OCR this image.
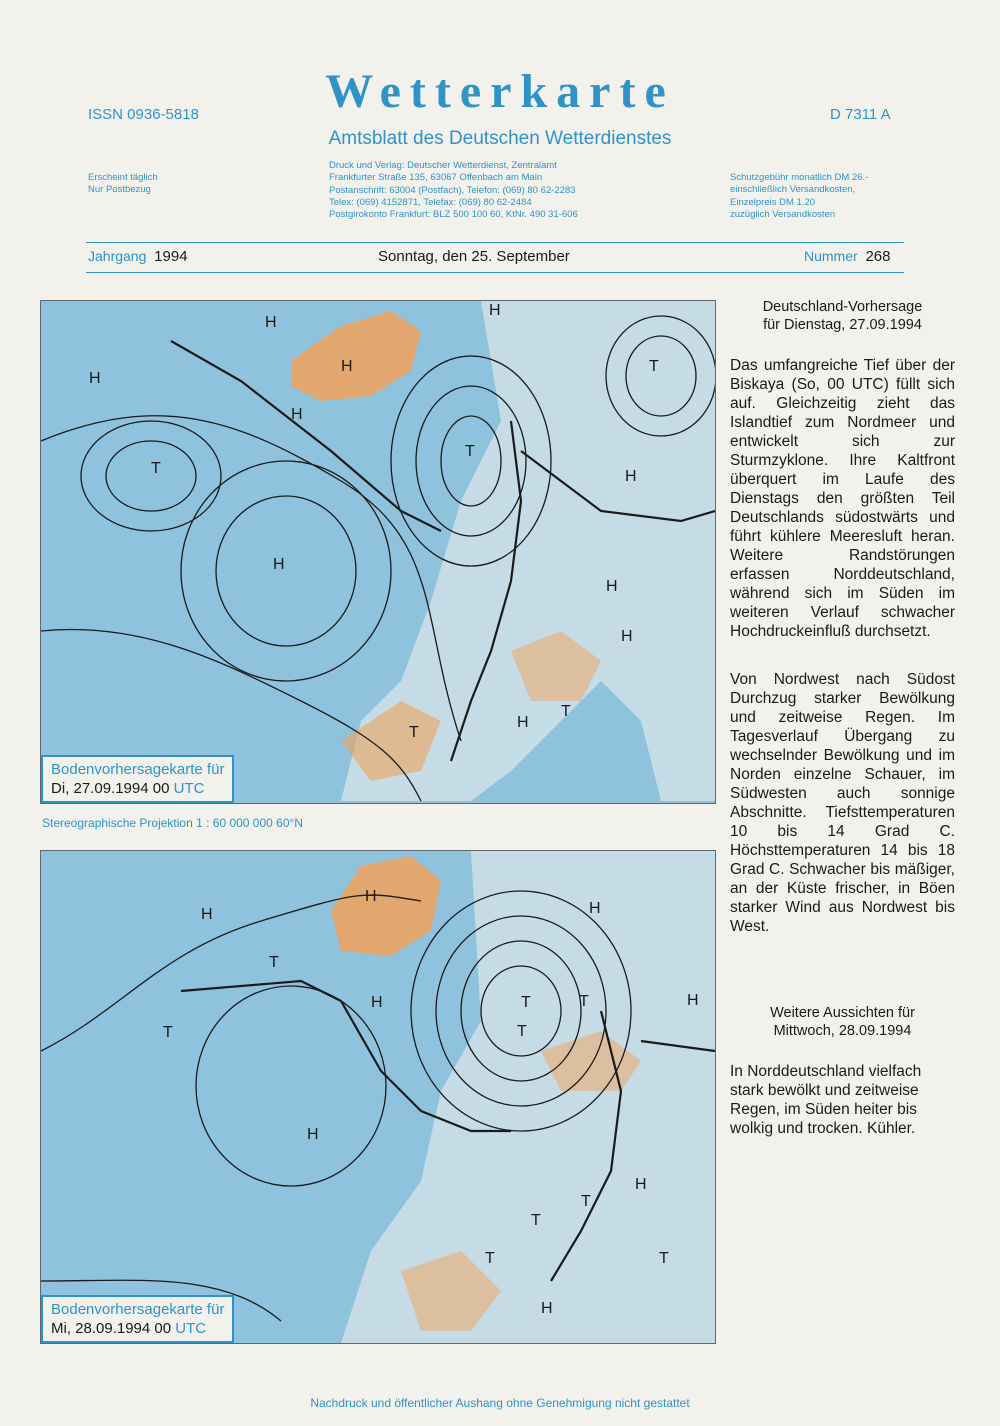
ISSN 0936-5818	D 7311 A
Wetterkarte
Amtsblatt des Deutschen Wetterdienstes
Erscheint täglich
Nur Postbezug
Druck und Verlag: Deutscher Wetterdienst, Zentralamt
Frankfurter Straße 135, 63067 Offenbach am Main
Postanschrift: 63004 (Postfach), Telefon: (069) 80 62-2283
Telex: (069) 4152871, Telefax: (069) 80 62-2484
Postgirokonto Frankfurt: BLZ 500 100 60, KtNr. 490 31-606
Schutzgebühr monatlich DM 26.-
einschließlich Versandkosten,
Einzelpreis DM 1.20
zuzüglich Versandkosten
Jahrgang 1994	Sonntag, den 25. September	Nummer 268
H
T
H
H
H
H
T
H
T
H
H
H
H
T
T
Bodenvorhersagekarte für
Di, 27.09.1994 00 UTC
Stereographische Projektion 1 : 60 000 000 60°N
H
H
T
T
H
H
T
T
H
T
T
T
T
H
H
H
T
Bodenvorhersagekarte für
Mi, 28.09.1994 00 UTC
Deutschland-Vorhersage
für Dienstag, 27.09.1994
Das umfangreiche Tief über der Biskaya (So, 00 UTC) füllt sich auf. Gleichzeitig zieht das Islandtief zum Nordmeer und entwickelt sich zur Sturmzyklone. Ihre Kaltfront überquert im Laufe des Dienstags den größten Teil Deutschlands südostwärts und führt kühlere Meeresluft heran. Weitere Randstörungen erfassen Norddeutschland, während sich im Süden im weiteren Verlauf schwacher Hochdruckeinfluß durchsetzt.
Von Nordwest nach Südost Durchzug starker Bewölkung und zeitweise Regen. Im Tagesverlauf Übergang zu wechselnder Bewölkung und im Norden einzelne Schauer, im Südwesten auch sonnige Abschnitte. Tiefsttemperaturen 10 bis 14 Grad C. Höchsttemperaturen 14 bis 18 Grad C. Schwacher bis mäßiger, an der Küste frischer, in Böen starker Wind aus Nordwest bis West.
Weitere Aussichten für
Mittwoch, 28.09.1994
In Norddeutschland vielfach stark bewölkt und zeitweise Regen, im Süden heiter bis wolkig und trocken. Kühler.
Nachdruck und öffentlicher Aushang ohne Genehmigung nicht gestattet
